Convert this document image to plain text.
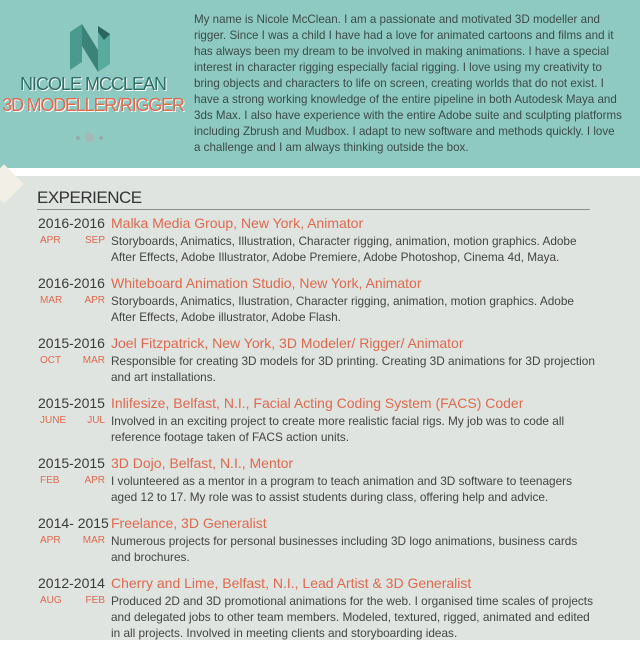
NICOLE MCCLEAN
3D MODELLER/RIGGER

My name is Nicole McClean. I am a passionate and motivated 3D modeller and rigger. Since I was a child I have had a love for animated cartoons and films and it has always been my dream to be involved in making animations. I have a special interest in character rigging especially facial rigging. I love using my creativity to bring objects and characters to life on screen, creating worlds that do not exist. I have a strong working knowledge of the entire pipeline in both Autodesk Maya and 3ds Max. I also have experience with the entire Adobe suite and sculpting platforms including Zbrush and Mudbox. I adapt to new software and methods quickly. I love a challenge and I am always thinking outside the box.

EXPERIENCE
2016-2016 Malka Media Group, New York, Animator
APR SEP Storyboards, Animatics, Illustration, Character rigging, animation, motion graphics. Adobe After Effects, Adobe Illustrator, Adobe Premiere, Adobe Photoshop, Cinema 4d, Maya.
2016-2016 Whiteboard Animation Studio, New York, Animator
MAR APR Storyboards, Animatics, Ilustration, Character rigging, animation, motion graphics. Adobe After Effects, Adobe illustrator, Adobe Flash.
2015-2016 Joel Fitzpatrick, New York, 3D Modeler/ Rigger/ Animator
OCT MAR Responsible for creating 3D models for 3D printing. Creating 3D animations for 3D projection and art installations.
2015-2015 Inlifesize, Belfast, N.I., Facial Acting Coding System (FACS) Coder
JUNE JUL Involved in an exciting project to create more realistic facial rigs. My job was to code all reference footage taken of FACS action units.
2015-2015 3D Dojo, Belfast, N.I., Mentor
FEB APR I volunteered as a mentor in a program to teach animation and 3D software to teenagers aged 12 to 17. My role was to assist students during class, offering help and advice.
2014- 2015 Freelance, 3D Generalist
APR MAR Numerous projects for personal businesses including 3D logo animations, business cards and brochures.
2012-2014 Cherry and Lime, Belfast, N.I., Lead Artist & 3D Generalist
AUG FEB Produced 2D and 3D promotional animations for the web. I organised time scales of projects and delegated jobs to other team members. Modeled, textured, rigged, animated and edited in all projects. Involved in meeting clients and storyboarding ideas.
